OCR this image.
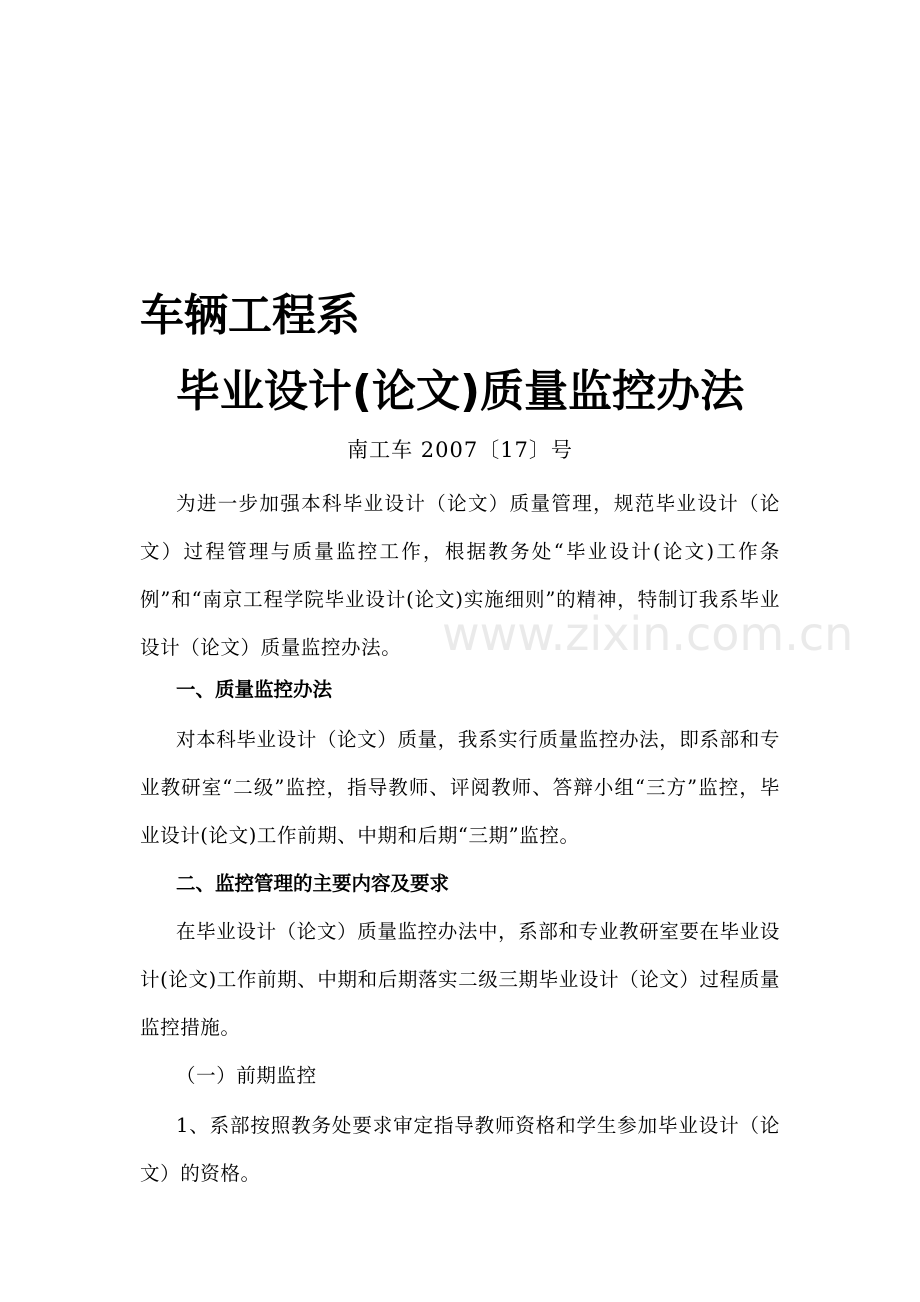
车辆工程系
毕业设计(论文)质量监控办法
南工车 2007〔17〕号
为进一步加强本科毕业设计（论文）质量管理，规范毕业设计（论文）过程管理与质量监控工作，根据教务处“毕业设计(论文)工作条例”和“南京工程学院毕业设计(论文)实施细则”的精神，特制订我系毕业设计（论文）质量监控办法。
一、质量监控办法
对本科毕业设计（论文）质量，我系实行质量监控办法，即系部和专业教研室“二级”监控，指导教师、评阅教师、答辩小组“三方”监控，毕业设计(论文)工作前期、中期和后期“三期”监控。
二、监控管理的主要内容及要求
在毕业设计（论文）质量监控办法中，系部和专业教研室要在毕业设计(论文)工作前期、中期和后期落实二级三期毕业设计（论文）过程质量监控措施。
（一）前期监控
1、系部按照教务处要求审定指导教师资格和学生参加毕业设计（论文）的资格。
www.zixin.com.cn
